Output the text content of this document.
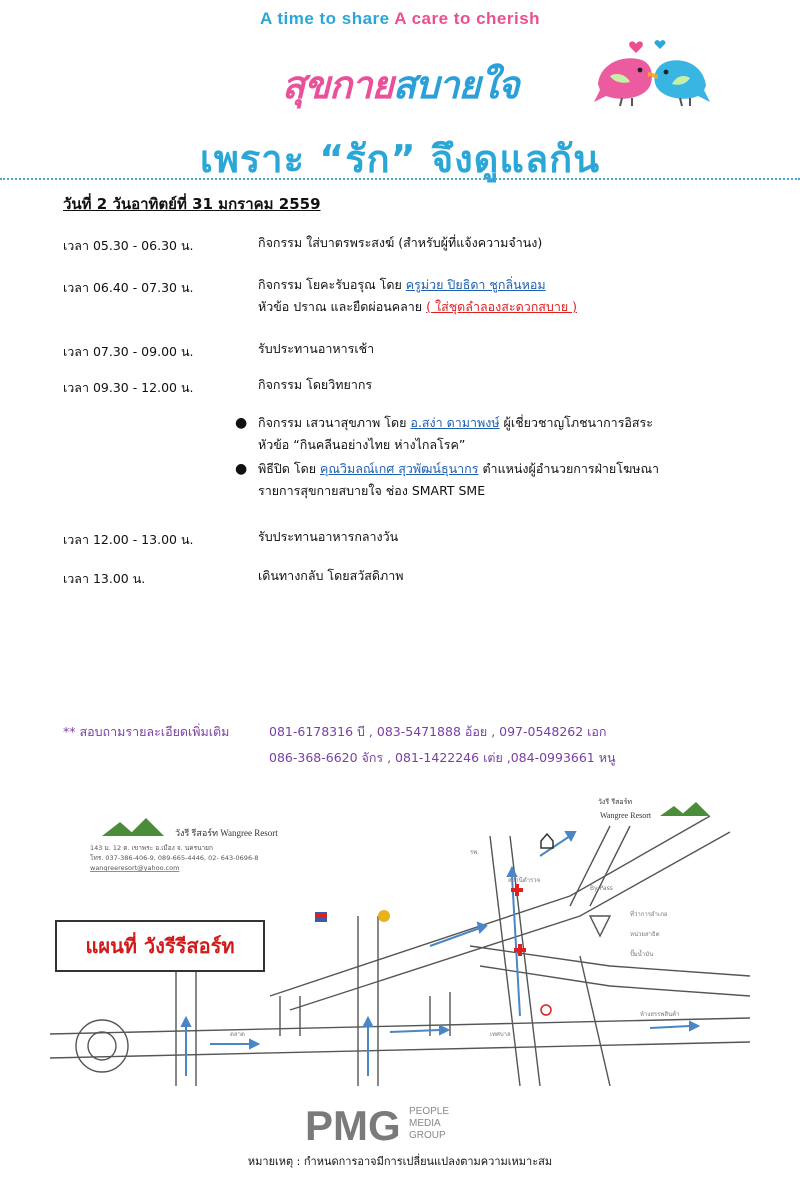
A time to share A care to cherish
สุขกายสบายใจ
เพราะ “รัก” จึงดูแลกัน
วันที่ 2 วันอาทิตย์ที่ 31 มกราคม 2559
เวลา 05.30 - 06.30 น.	กิจกรรม ใส่บาตรพระสงฆ์ (สำหรับผู้ที่แจ้งความจำนง)
เวลา 06.40 - 07.30 น.	กิจกรรม โยคะรับอรุณ โดย ครูม่วย ปิยธิดา ชูกลิ่นหอม
หัวข้อ ปราณ และยืดผ่อนคลาย ( ใส่ชุดลำลองสะดวกสบาย )
เวลา 07.30 - 09.00 น.	รับประทานอาหารเช้า
เวลา 09.30 - 12.00 น.	กิจกรรม โดยวิทยากร
● กิจกรรม เสวนาสุขภาพ โดย อ.สง่า ดามาพงษ์ ผู้เชี่ยวชาญโภชนาการอิสระ
หัวข้อ “กินคลีนอย่างไทย ห่างไกลโรค”
● พิธีปิด โดย คุณวิมลณ์เกศ สุวพัฒน์ธุนากร ตำแหน่งผู้อำนวยการฝ่ายโฆษณา
รายการสุขกายสบายใจ ช่อง SMART SME
เวลา 12.00 - 13.00 น.	รับประทานอาหารกลางวัน
เวลา 13.00 น.	เดินทางกลับ โดยสวัสดิภาพ
** สอบถามรายละเอียดเพิ่มเติม	081-6178316 บี , 083-5471888 อ้อย , 097-0548262 เอก
086-368-6620 จักร , 081-1422246 เต่ย ,084-0993661 หนู
รพ.
สถานีตำรวจ
By Pass
ที่ว่าการอำเภอ
หน่วยสาธิต
ปั๊มน้ำมัน
ตลาด	เทศบาล
ห้างสรรพสินค้า
วังรี รีสอร์ท Wangree Resort
143 ม. 12 ต. เขาพระ อ.เมือง จ. นครนายก
โทร. 037-386-406-9, 089-665-4446, 02- 643-0696-8
wangreeresort@yahoo.com
วังรี รีสอร์ท
Wangree Resort
แผนที่ วังรีรีสอร์ท
PMG PEOPLE
MEDIA
GROUP
หมายเหตุ : กำหนดการอาจมีการเปลี่ยนแปลงตามความเหมาะสม
